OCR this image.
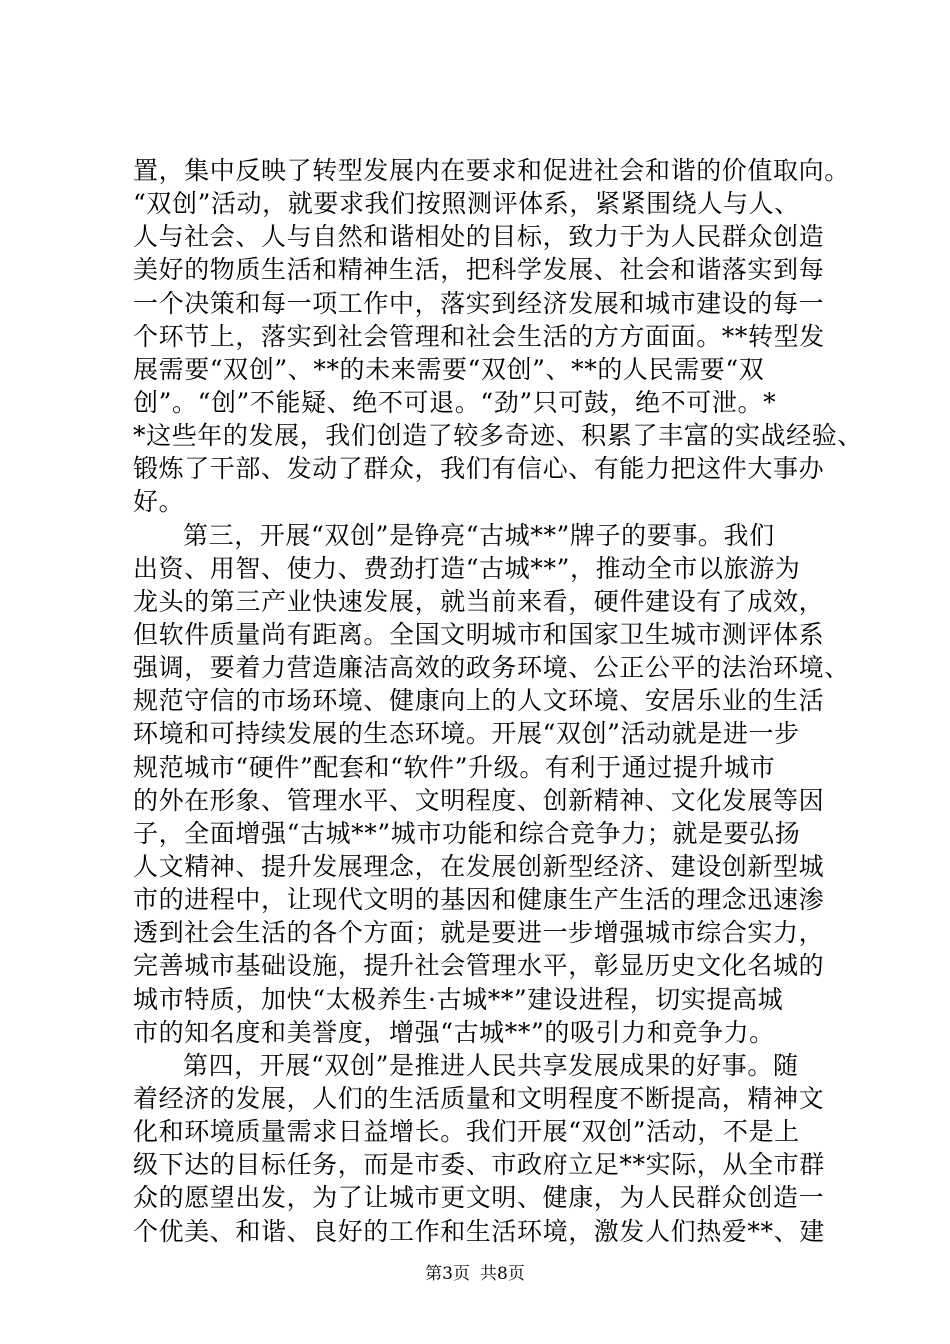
置，集中反映了转型发展内在要求和促进社会和谐的价值取向。
“双创”活动，就要求我们按照测评体系，紧紧围绕人与人、
人与社会、人与自然和谐相处的目标，致力于为人民群众创造
美好的物质生活和精神生活，把科学发展、社会和谐落实到每
一个决策和每一项工作中，落实到经济发展和城市建设的每一
个环节上，落实到社会管理和社会生活的方方面面。**转型发
展需要“双创”、**的未来需要“双创”、**的人民需要“双
创”。“创”不能疑、绝不可退。“劲”只可鼓，绝不可泄。*
*这些年的发展，我们创造了较多奇迹、积累了丰富的实战经验、
锻炼了干部、发动了群众，我们有信心、有能力把这件大事办
好。
第三，开展“双创”是铮亮“古城**”牌子的要事。我们
出资、用智、使力、费劲打造“古城**”，推动全市以旅游为
龙头的第三产业快速发展，就当前来看，硬件建设有了成效，
但软件质量尚有距离。全国文明城市和国家卫生城市测评体系
强调，要着力营造廉洁高效的政务环境、公正公平的法治环境、
规范守信的市场环境、健康向上的人文环境、安居乐业的生活
环境和可持续发展的生态环境。开展“双创”活动就是进一步
规范城市“硬件”配套和“软件”升级。有利于通过提升城市
的外在形象、管理水平、文明程度、创新精神、文化发展等因
子，全面增强“古城**”城市功能和综合竞争力；就是要弘扬
人文精神、提升发展理念，在发展创新型经济、建设创新型城
市的进程中，让现代文明的基因和健康生产生活的理念迅速渗
透到社会生活的各个方面；就是要进一步增强城市综合实力，
完善城市基础设施，提升社会管理水平，彰显历史文化名城的
城市特质，加快“太极养生·古城**”建设进程，切实提高城
市的知名度和美誉度，增强“古城**”的吸引力和竞争力。
第四，开展“双创”是推进人民共享发展成果的好事。随
着经济的发展，人们的生活质量和文明程度不断提高，精神文
化和环境质量需求日益增长。我们开展“双创”活动，不是上
级下达的目标任务，而是市委、市政府立足**实际，从全市群
众的愿望出发，为了让城市更文明、健康，为人民群众创造一
个优美、和谐、良好的工作和生活环境，激发人们热爱**、建
第3页 共8页
